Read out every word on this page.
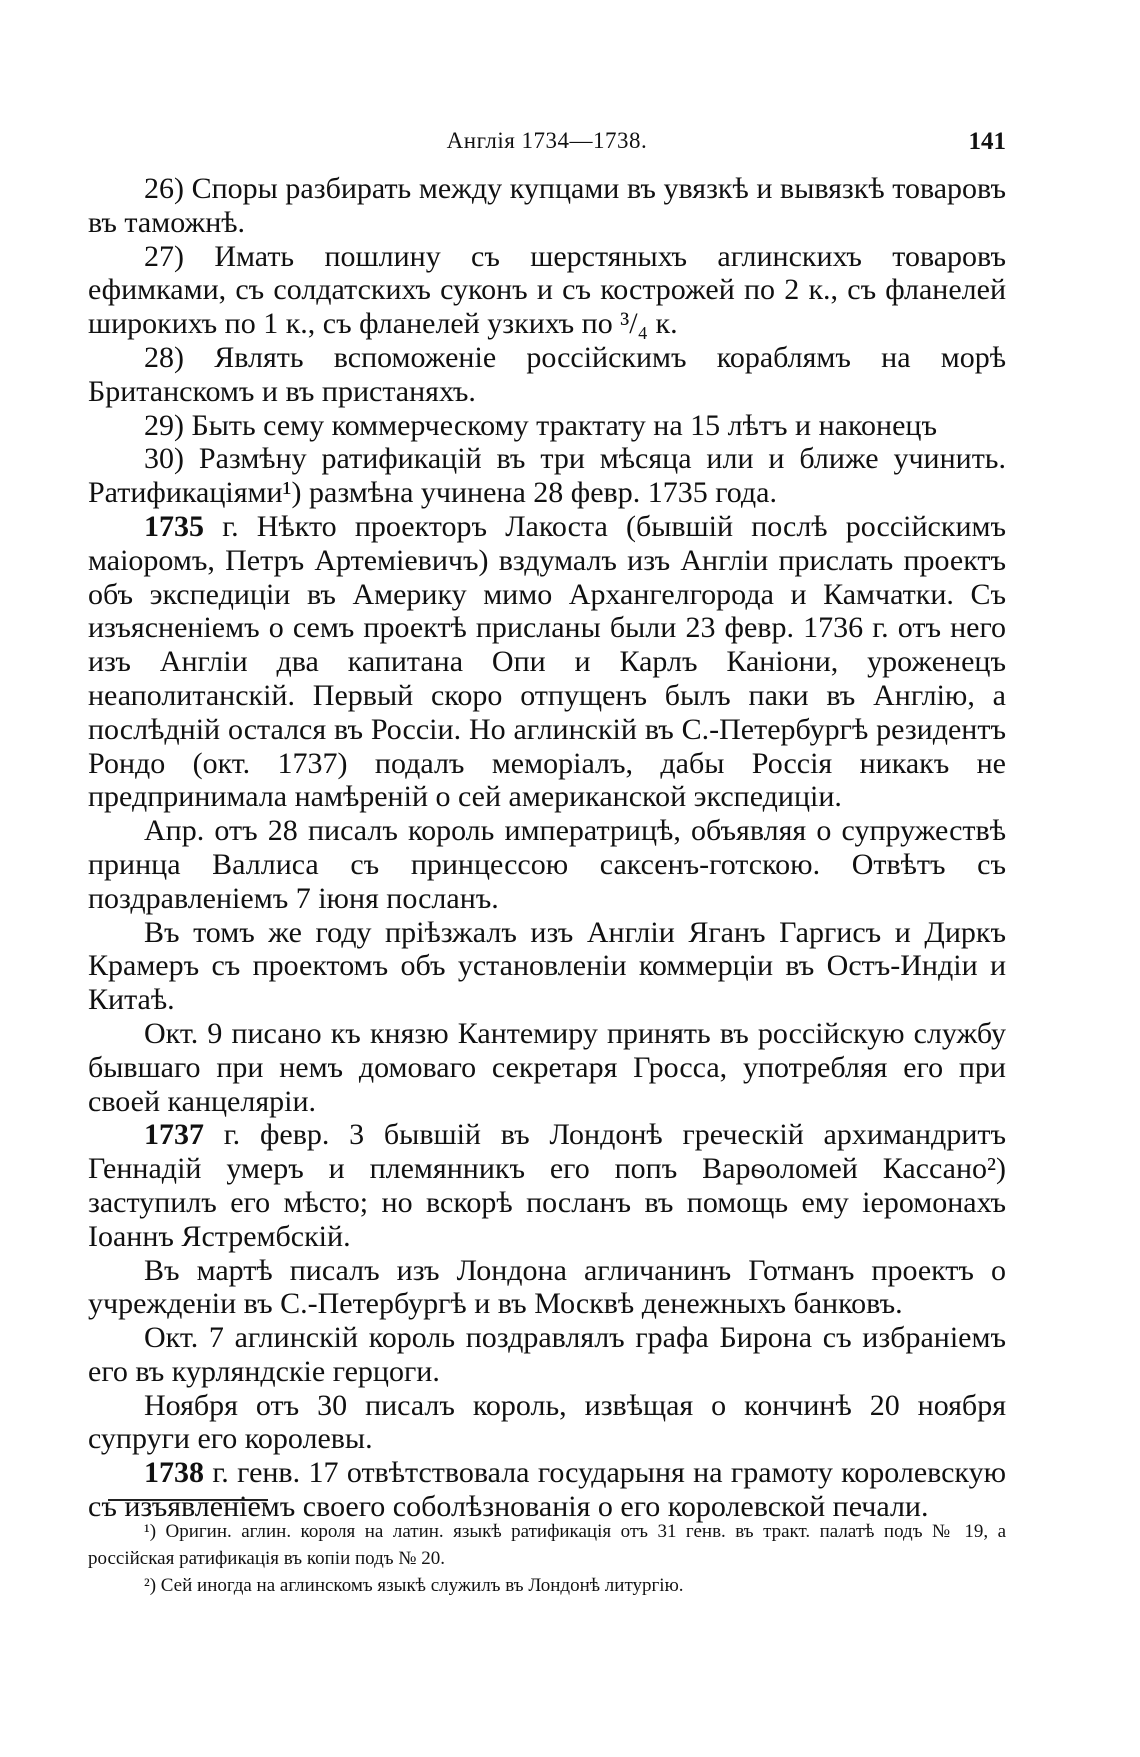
Англія 1734—1738.	141

26) Споры разбирать между купцами въ увязкѣ и вывязкѣ товаровъ въ таможнѣ.

27) Имать пошлину съ шерстяныхъ аглинскихъ товаровъ ефимками, съ солдатскихъ суконъ и съ кострожей по 2 к., съ фланелей широкихъ по 1 к., съ фланелей узкихъ по ³/₄ к.

28) Являть вспоможеніе россійскимъ кораблямъ на морѣ Британскомъ и въ пристаняхъ.

29) Быть сему коммерческому трактату на 15 лѣтъ и наконецъ

30) Размѣну ратификацій въ три мѣсяца или и ближе учинить. Ратификаціями¹) размѣна учинена 28 февр. 1735 года.

1735 г. Нѣкто проекторъ Лакоста (бывшій послѣ россійскимъ маіоромъ, Петръ Артеміевичъ) вздумалъ изъ Англіи прислать проектъ объ экспедиціи въ Америку мимо Архангелгорода и Камчатки. Съ изъясненіемъ о семъ проектѣ присланы были 23 февр. 1736 г. отъ него изъ Англіи два капитана Опи и Карлъ Каніони, уроженецъ неаполитанскій. Первый скоро отпущенъ былъ паки въ Англію, а послѣдній остался въ Россіи. Но аглинскій въ С.-Петербургѣ резидентъ Рондо (окт. 1737) подалъ меморіалъ, дабы Россія никакъ не предпринимала намѣреній о сей американской экспедиціи.

Апр. отъ 28 писалъ король императрицѣ, объявляя о супружествѣ принца Валлиса съ принцессою саксенъ-готскою. Отвѣтъ съ поздравленіемъ 7 іюня посланъ.

Въ томъ же году пріѣзжалъ изъ Англіи Яганъ Гаргисъ и Диркъ Крамеръ съ проектомъ объ установленіи коммерціи въ Остъ-Индіи и Китаѣ.

Окт. 9 писано къ князю Кантемиру принять въ россійскую службу бывшаго при немъ домоваго секретаря Гросса, употребляя его при своей канцеляріи.

1737 г. февр. 3 бывшій въ Лондонѣ греческій архимандритъ Геннадій умеръ и племянникъ его попъ Варѳоломей Кассано²) заступилъ его мѣсто; но вскорѣ посланъ въ помощь ему іеромонахъ Іоаннъ Ястрембскій.

Въ мартѣ писалъ изъ Лондона агличанинъ Готманъ проектъ о учрежденіи въ С.-Петербургѣ и въ Москвѣ денежныхъ банковъ.

Окт. 7 аглинскій король поздравлялъ графа Бирона съ избраніемъ его въ курляндскіе герцоги.

Ноября отъ 30 писалъ король, извѣщая о кончинѣ 20 ноября супруги его королевы.

1738 г. генв. 17 отвѣтствовала государыня на грамоту королевскую съ изъявленіемъ своего соболѣзнованія о его королевской печали.

¹) Оригин. аглин. короля на латин. языкѣ ратификація отъ 31 генв. въ тракт. палатѣ подъ № 19, а россійская ратификація въ копіи подъ № 20.

²) Сей иногда на аглинскомъ языкѣ служилъ въ Лондонѣ литургію.
